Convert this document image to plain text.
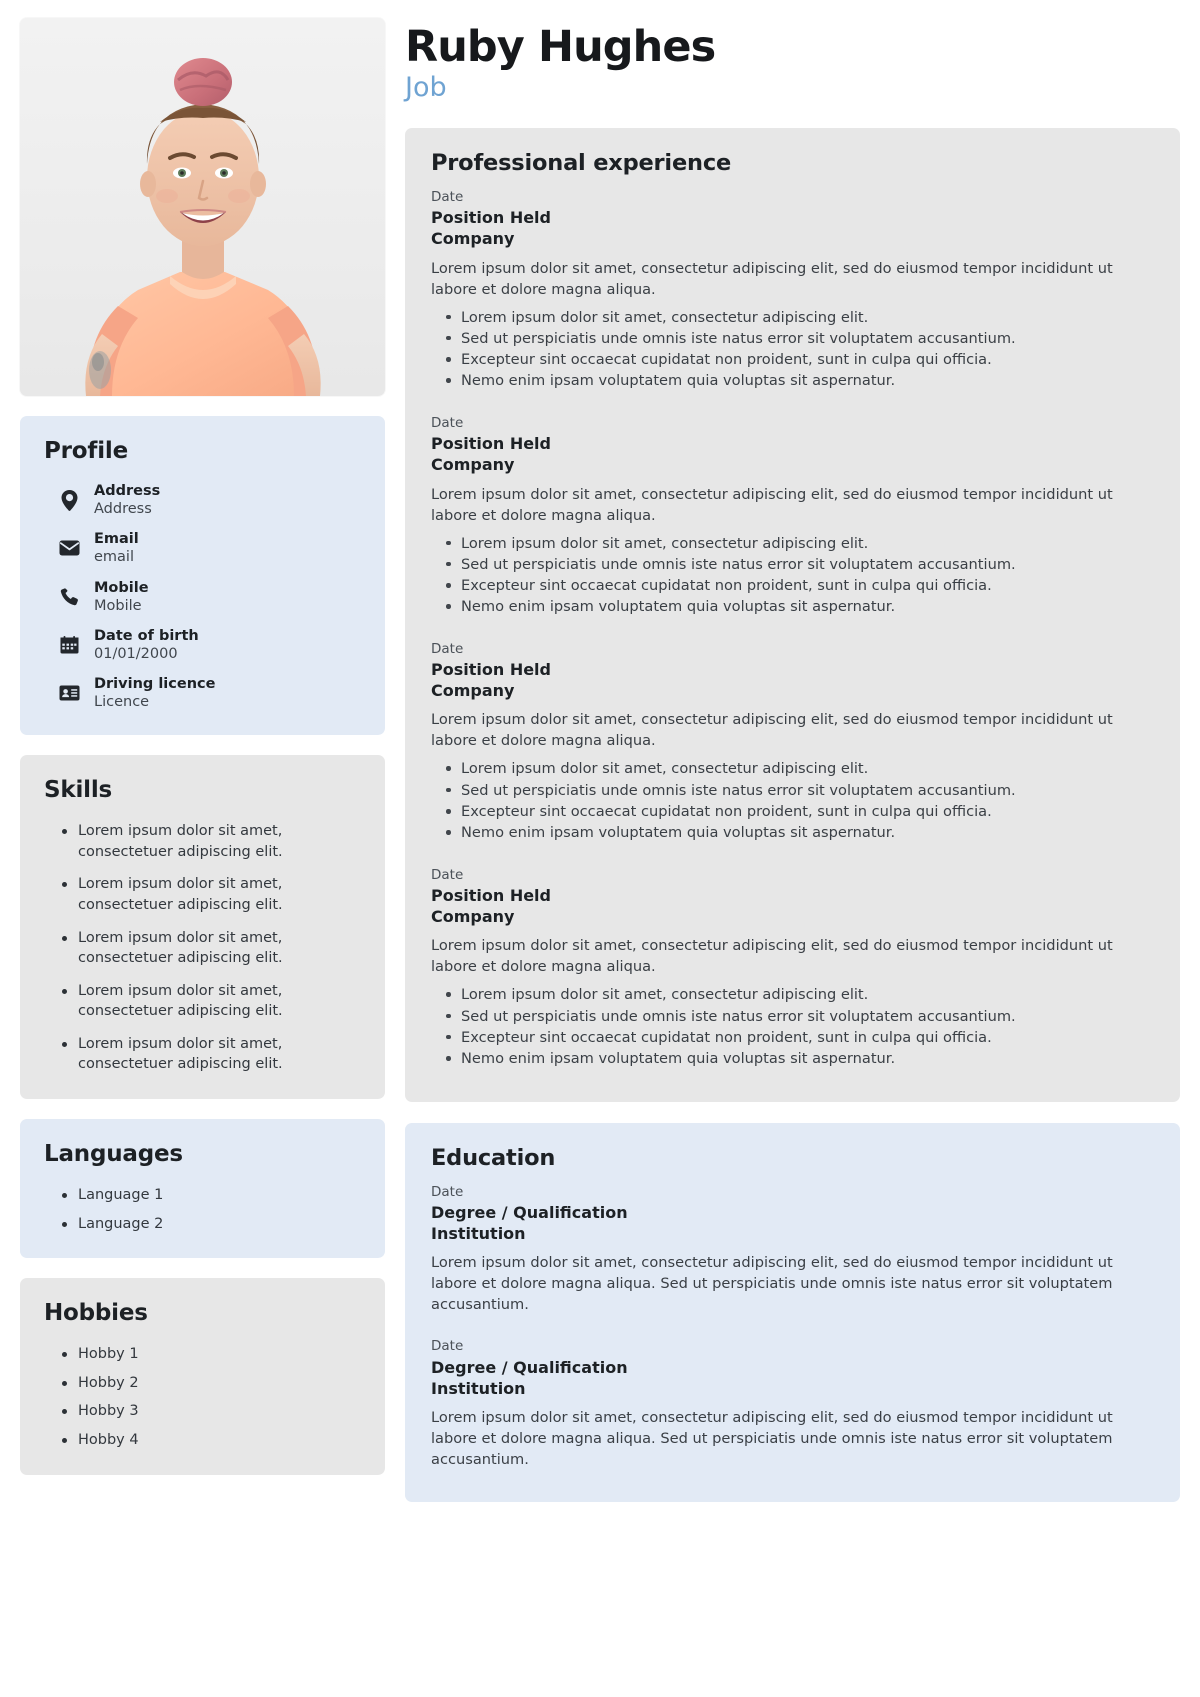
Profile
Address
Address
Email
email
Mobile
Mobile
Date of birth
01/01/2000
Driving licence
Licence
Skills
Lorem ipsum dolor sit amet, consectetuer adipiscing elit.
Lorem ipsum dolor sit amet, consectetuer adipiscing elit.
Lorem ipsum dolor sit amet, consectetuer adipiscing elit.
Lorem ipsum dolor sit amet, consectetuer adipiscing elit.
Lorem ipsum dolor sit amet, consectetuer adipiscing elit.
Languages
Language 1
Language 2
Hobbies
Hobby 1
Hobby 2
Hobby 3
Hobby 4
Ruby Hughes
Job
Professional experience
Date
Position Held
Company

Lorem ipsum dolor sit amet, consectetur adipiscing elit, sed do eiusmod tempor incididunt ut labore et dolore magna aliqua.

Lorem ipsum dolor sit amet, consectetur adipiscing elit.
Sed ut perspiciatis unde omnis iste natus error sit voluptatem accusantium.
Excepteur sint occaecat cupidatat non proident, sunt in culpa qui officia.
Nemo enim ipsam voluptatem quia voluptas sit aspernatur.
Date
Position Held
Company

Lorem ipsum dolor sit amet, consectetur adipiscing elit, sed do eiusmod tempor incididunt ut labore et dolore magna aliqua.

Lorem ipsum dolor sit amet, consectetur adipiscing elit.
Sed ut perspiciatis unde omnis iste natus error sit voluptatem accusantium.
Excepteur sint occaecat cupidatat non proident, sunt in culpa qui officia.
Nemo enim ipsam voluptatem quia voluptas sit aspernatur.
Date
Position Held
Company

Lorem ipsum dolor sit amet, consectetur adipiscing elit, sed do eiusmod tempor incididunt ut labore et dolore magna aliqua.

Lorem ipsum dolor sit amet, consectetur adipiscing elit.
Sed ut perspiciatis unde omnis iste natus error sit voluptatem accusantium.
Excepteur sint occaecat cupidatat non proident, sunt in culpa qui officia.
Nemo enim ipsam voluptatem quia voluptas sit aspernatur.
Date
Position Held
Company

Lorem ipsum dolor sit amet, consectetur adipiscing elit, sed do eiusmod tempor incididunt ut labore et dolore magna aliqua.

Lorem ipsum dolor sit amet, consectetur adipiscing elit.
Sed ut perspiciatis unde omnis iste natus error sit voluptatem accusantium.
Excepteur sint occaecat cupidatat non proident, sunt in culpa qui officia.
Nemo enim ipsam voluptatem quia voluptas sit aspernatur.
Education
Date
Degree / Qualification
Institution

Lorem ipsum dolor sit amet, consectetur adipiscing elit, sed do eiusmod tempor incididunt ut labore et dolore magna aliqua. Sed ut perspiciatis unde omnis iste natus error sit voluptatem accusantium.

Date
Degree / Qualification
Institution

Lorem ipsum dolor sit amet, consectetur adipiscing elit, sed do eiusmod tempor incididunt ut labore et dolore magna aliqua. Sed ut perspiciatis unde omnis iste natus error sit voluptatem accusantium.
